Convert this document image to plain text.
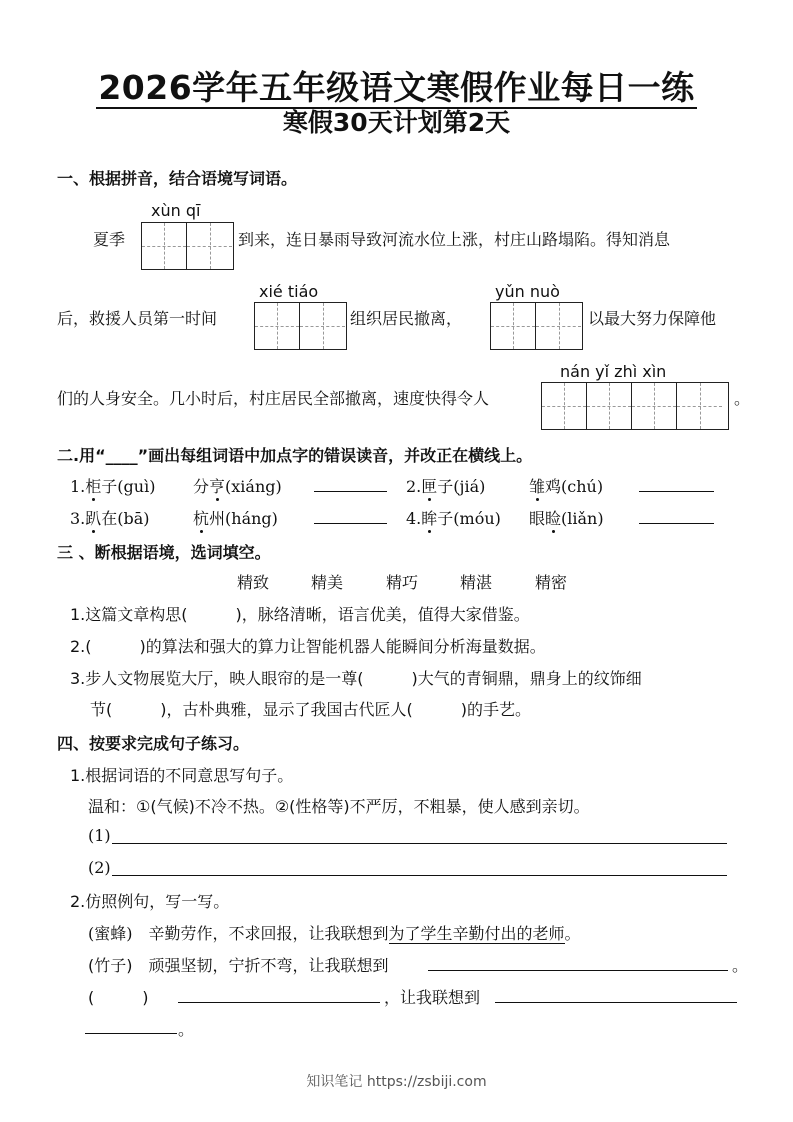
2026学年五年级语文寒假作业每日一练
寒假30天计划第2天
一、根据拼音，结合语境写词语。
xùn qī
夏季	到来，连日暴雨导致河流水位上涨，村庄山路塌陷。得知消息
xié tiáo	yǔn nuò
后，救援人员第一时间	组织居民撤离，	以最大努力保障他
nán yǐ zhì xìn
们的人身安全。几小时后，村庄居民全部撤离，速度快得令人	。
二.用“____”画出每组词语中加点字的错误读音，并改正在横线上。
1.柜子(guì) 分亨(xiáng)	2.匣子(jiá)	雏鸡(chú)
3.趴在(bā)	杭州(háng)	4.眸子(móu) 眼睑(liǎn)
三 、断根据语境，选词填空。
精致	精美	精巧	精湛	精密
1.这篇文章构思(　　　)，脉络清晰，语言优美，值得大家借鉴。
2.(　　　)的算法和强大的算力让智能机器人能瞬间分析海量数据。
3.步人文物展览大厅，映人眼帘的是一尊(　　　)大气的青铜鼎，鼎身上的纹饰细
节(　　　)，古朴典雅，显示了我国古代匠人(　　　)的手艺。
四、按要求完成句子练习。
1.根据词语的不同意思写句子。
温和：①(气候)不冷不热。②(性格等)不严厉，不粗暴，使人感到亲切。
(1)
(2)
2.仿照例句，写一写。
(蜜蜂)　辛勤劳作，不求回报，让我联想到为了学生辛勤付出的老师。
(竹子)　顽强坚韧，宁折不弯，让我联想到	。
(　　　)	，让我联想到
。
知识笔记 https://zsbiji.com
